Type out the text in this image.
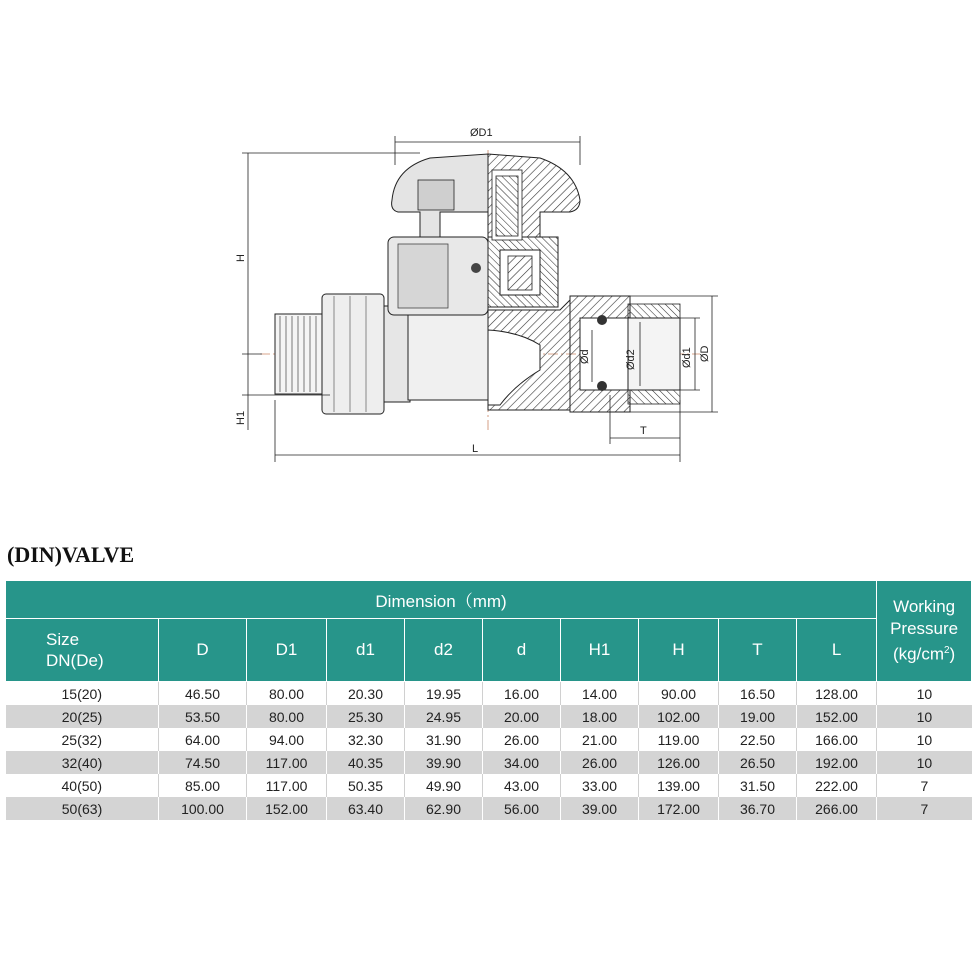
ØD1
H
H1
L
T
Ød	Ød2	Ød1 ØD
(DIN)VALVE
Dimension（mm)										Working
Pressure
$(kg/cm^2)$
Size
DN(De)	D	D1	d1	d2	d	H1	H	T	L	
15(20)	46.50	80.00	20.30	19.95	16.00	14.00	90.00	16.50	128.00	10
20(25)	53.50	80.00	25.30	24.95	20.00	18.00	102.00	19.00	152.00	10
25(32)	64.00	94.00	32.30	31.90	26.00	21.00	119.00	22.50	166.00	10
32(40)	74.50	117.00	40.35	39.90	34.00	26.00	126.00	26.50	192.00	10
40(50)	85.00	117.00	50.35	49.90	43.00	33.00	139.00	31.50	222.00	7
50(63)	100.00	152.00	63.40	62.90	56.00	39.00	172.00	36.70	266.00	7
